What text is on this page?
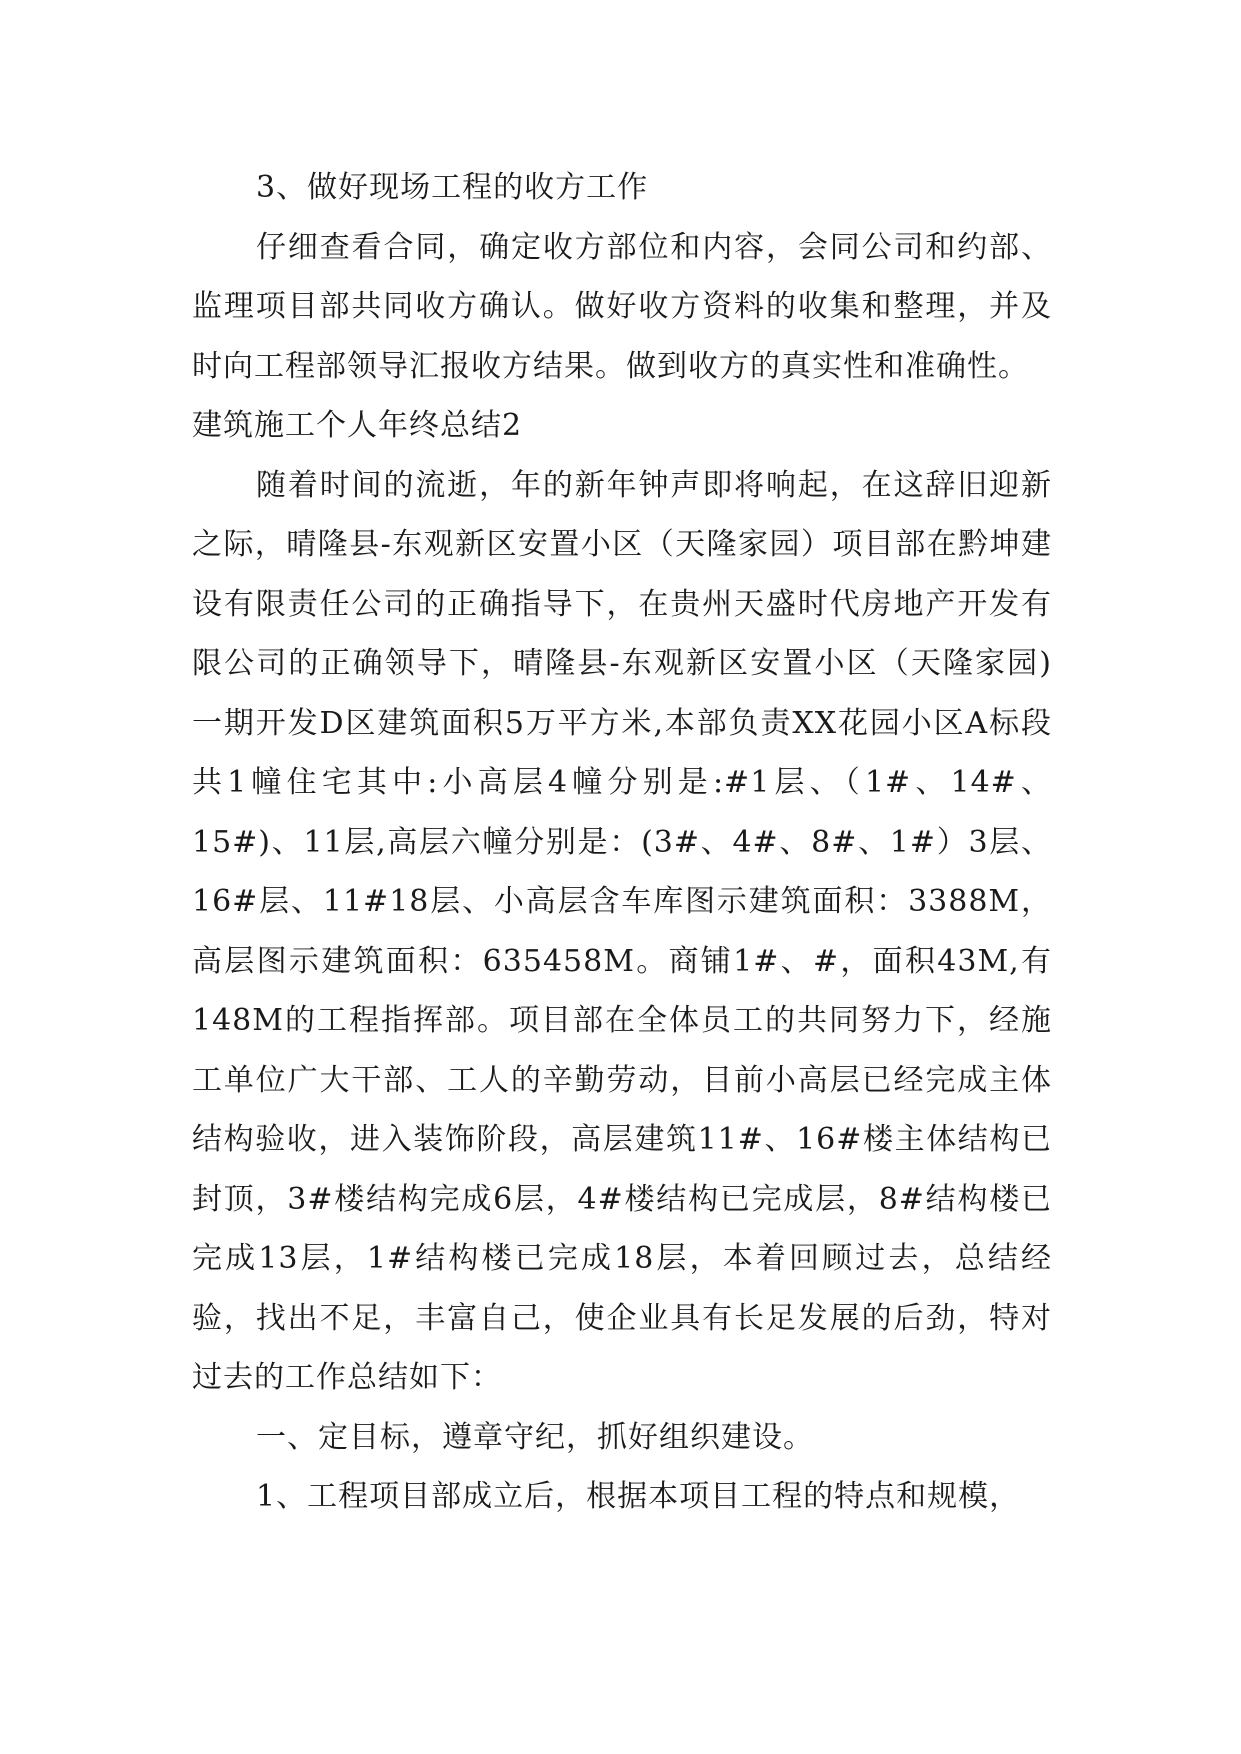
3、做好现场工程的收方工作

仔细查看合同，确定收方部位和内容，会同公司和约部、监理项目部共同收方确认。做好收方资料的收集和整理，并及时向工程部领导汇报收方结果。做到收方的真实性和准确性。

建筑施工个人年终总结2

随着时间的流逝，年的新年钟声即将响起，在这辞旧迎新之际，晴隆县-东观新区安置小区（天隆家园）项目部在黔坤建设有限责任公司的正确指导下，在贵州天盛时代房地产开发有限公司的正确领导下，晴隆县-东观新区安置小区（天隆家园)一期开发D区建筑面积5万平方米,本部负责XX花园小区A标段共1幢住宅其中:小高层4幢分别是:#1层、（1#、14#、15#)、11层,高层六幢分别是：(3#、4#、8#、1#）3层、16#层、11#18层、小高层含车库图示建筑面积：3388M，高层图示建筑面积：635458M。商铺1#、#，面积43M,有148M的工程指挥部。项目部在全体员工的共同努力下，经施工单位广大干部、工人的辛勤劳动，目前小高层已经完成主体结构验收，进入装饰阶段，高层建筑11#、16#楼主体结构已封顶，3#楼结构完成6层，4#楼结构已完成层，8#结构楼已完成13层，1#结构楼已完成18层，本着回顾过去，总结经验，找出不足，丰富自己，使企业具有长足发展的后劲，特对过去的工作总结如下：

一、定目标，遵章守纪，抓好组织建设。

1、工程项目部成立后，根据本项目工程的特点和规模，
